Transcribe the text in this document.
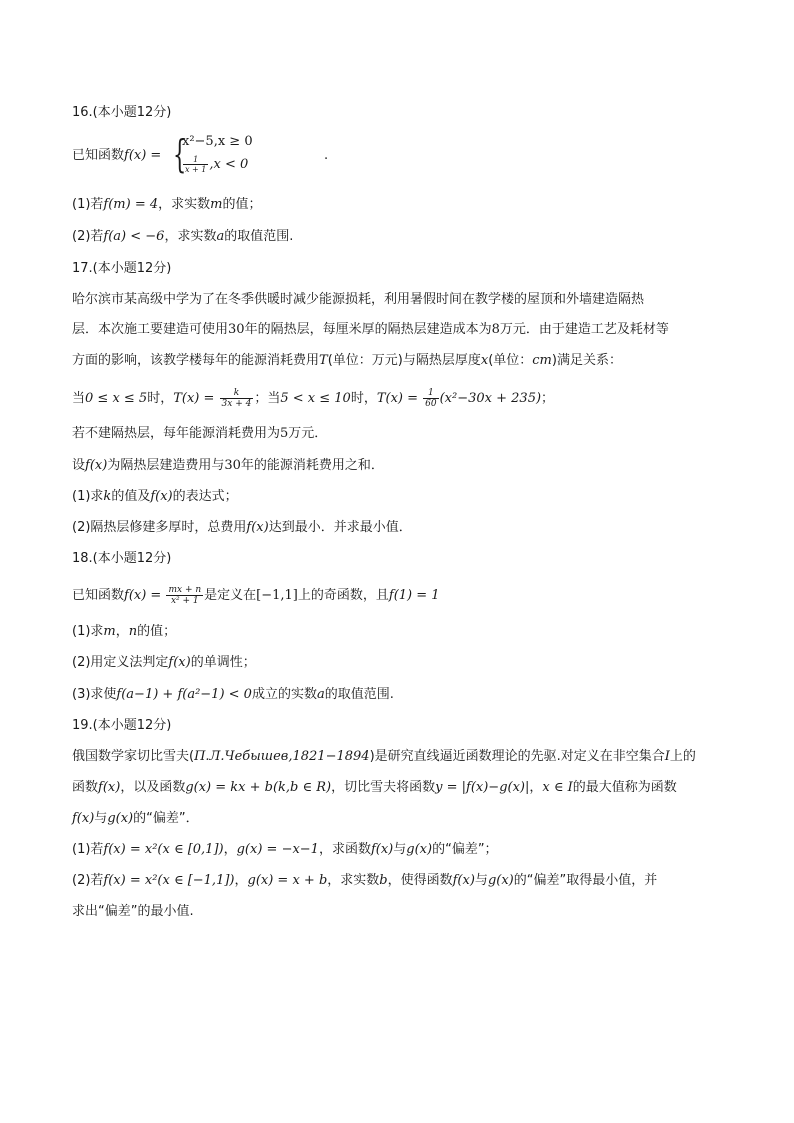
16.(本小题12分)
已知函数f(x) = {
x²−5,x ≥ 0
$\frac{1}{x + 1} ,x < 0$
.
(1)若f(m) = 4，求实数m的值；
(2)若f(a) < −6，求实数a的取值范围.
17.(本小题12分)
哈尔滨市某高级中学为了在冬季供暖时减少能源损耗，利用暑假时间在教学楼的屋顶和外墙建造隔热
层．本次施工要建造可使用30年的隔热层，每厘米厚的隔热层建造成本为8万元．由于建造工艺及耗材等
方面的影响，该教学楼每年的能源消耗费用T(单位：万元)与隔热层厚度x(单位：cm)满足关系：
当0 ≤ x ≤ 5时，$T(x) = \frac{k}{3x + 4}$ ；当5 < x ≤ 10时，$T(x) = \frac{1}{60} (x^2-30x + 235)$；
若不建隔热层，每年能源消耗费用为5万元．
设f(x)为隔热层建造费用与30年的能源消耗费用之和．
(1)求k的值及f(x)的表达式；
(2)隔热层修建多厚时，总费用f(x)达到最小．并求最小值．
18.(本小题12分)
已知函数$f(x) = \frac{mx + n}{\text{x² + 1}}$ 是定义在[−1,1]上的奇函数，且f(1) = 1
(1)求m，n的值；
(2)用定义法判定f(x)的单调性；
(3)求使f(a−1) + f(a²−1) < 0成立的实数a的取值范围.
19.(本小题12分)
俄国数学家切比雪夫(П.Л.Чебышев,1821−1894)是研究直线逼近函数理论的先驱.对定义在非空集合I上的
函数f(x)，以及函数g(x) = kx + b(k,b ∈ R)，切比雪夫将函数y = |f(x)−g(x)|，x ∈ I的最大值称为函数
f(x)与g(x)的“偏差”．
(1)若f(x) = x²(x ∈ [0,1])，g(x) = −x−1，求函数f(x)与g(x)的“偏差”；
(2)若f(x) = x²(x ∈ [−1,1])，g(x) = x + b，求实数b，使得函数f(x)与g(x)的“偏差”取得最小值，并
求出“偏差”的最小值.
